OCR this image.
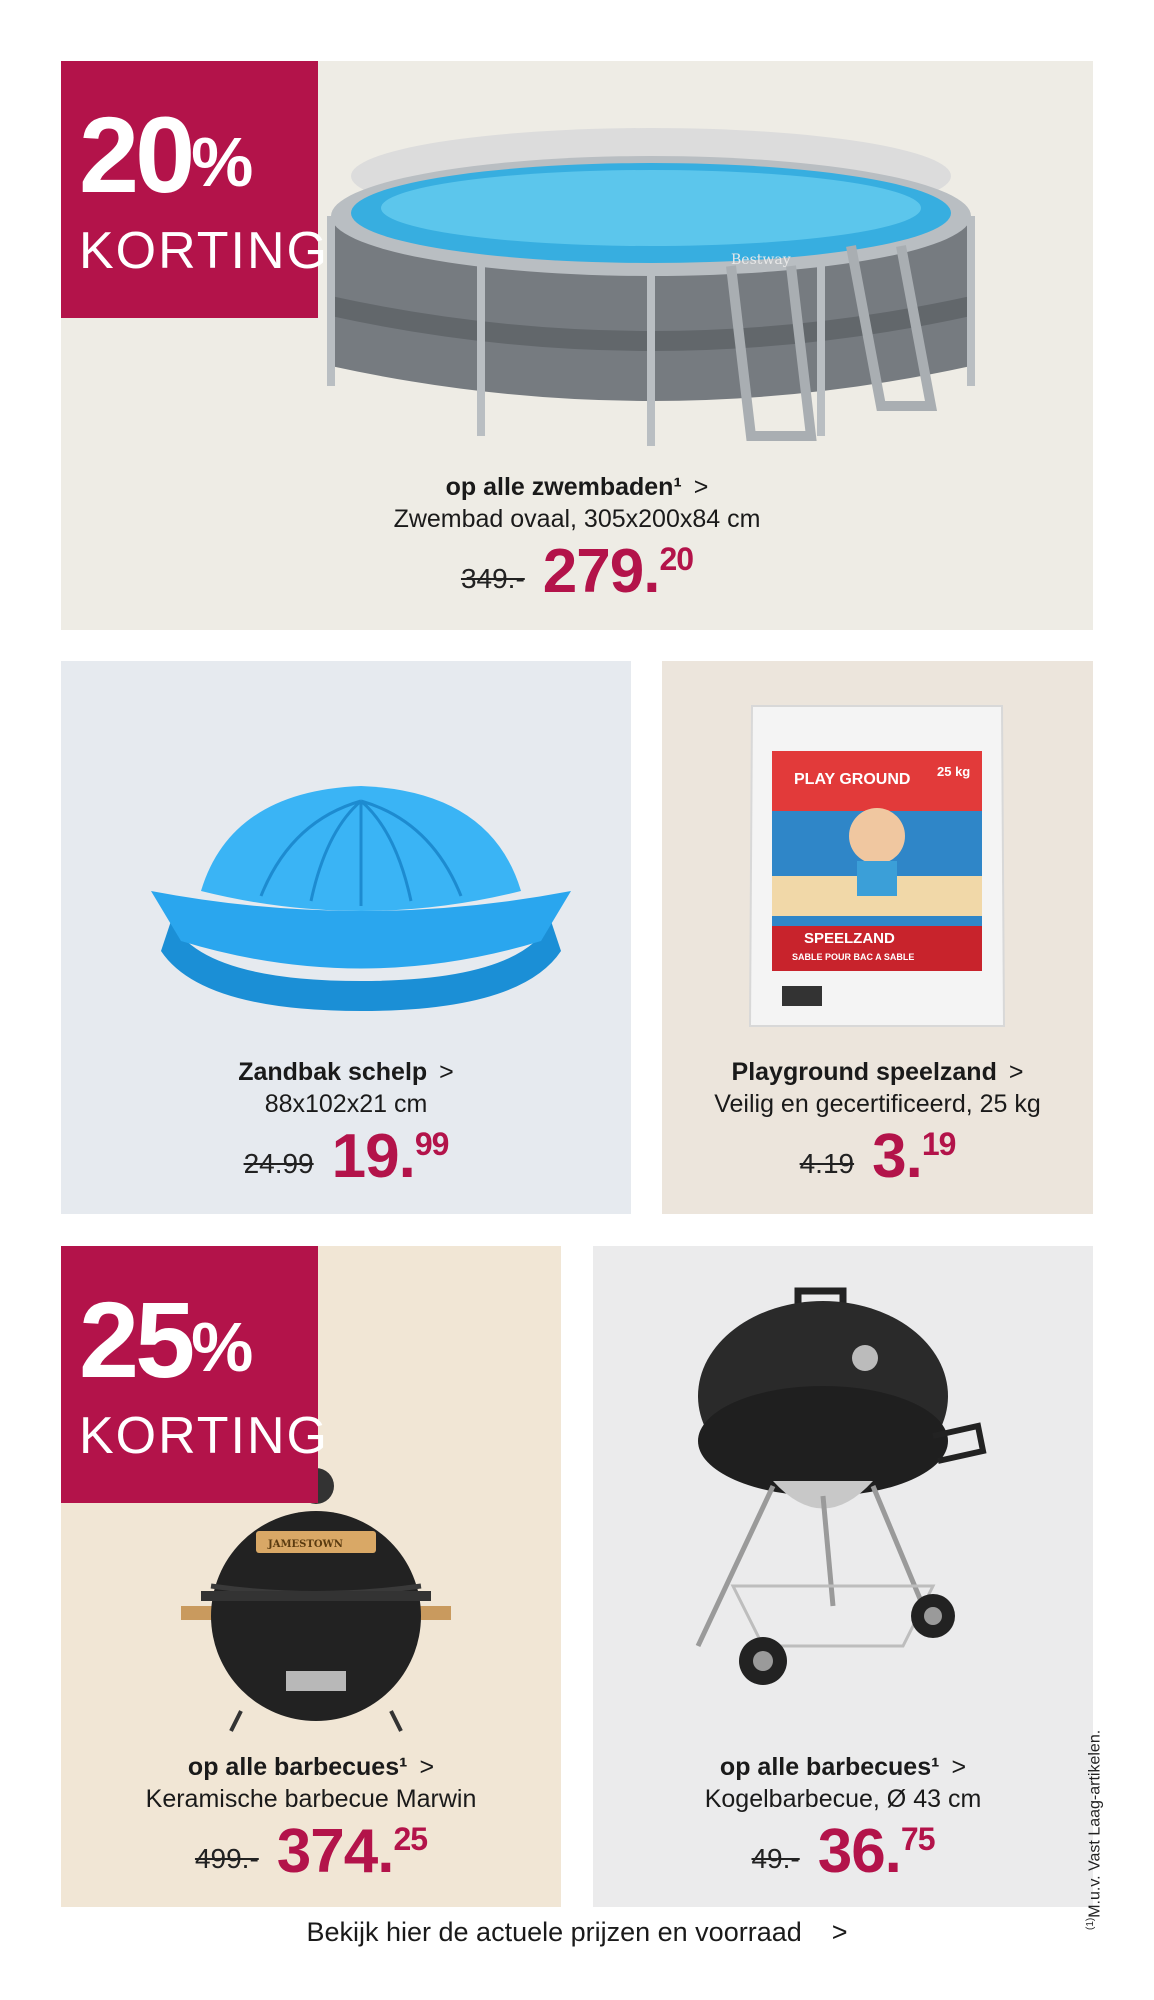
Bestway
20%
KORTING
op alle zwembaden¹ >
Zwembad ovaal, 305x200x84 cm
349.- 279. 20
Zandbak schelp >
88x102x21 cm
24.99 19. 99
PLAY GROUND
SPEELZAND
SABLE POUR BAC A SABLE
25 kg
Playground speelzand >
Veilig en gecertificeerd, 25 kg
4.19 3. 19
JAMESTOWN
25%
KORTING
op alle barbecues¹ >
Keramische barbecue Marwin
499.- 374. 25
op alle barbecues¹ >
Kogelbarbecue, Ø 43 cm
49.- 36. 75
$^{(1)}$M.u.v. Vast Laag-artikelen.
Bekijk hier de actuele prijzen en voorraad >
